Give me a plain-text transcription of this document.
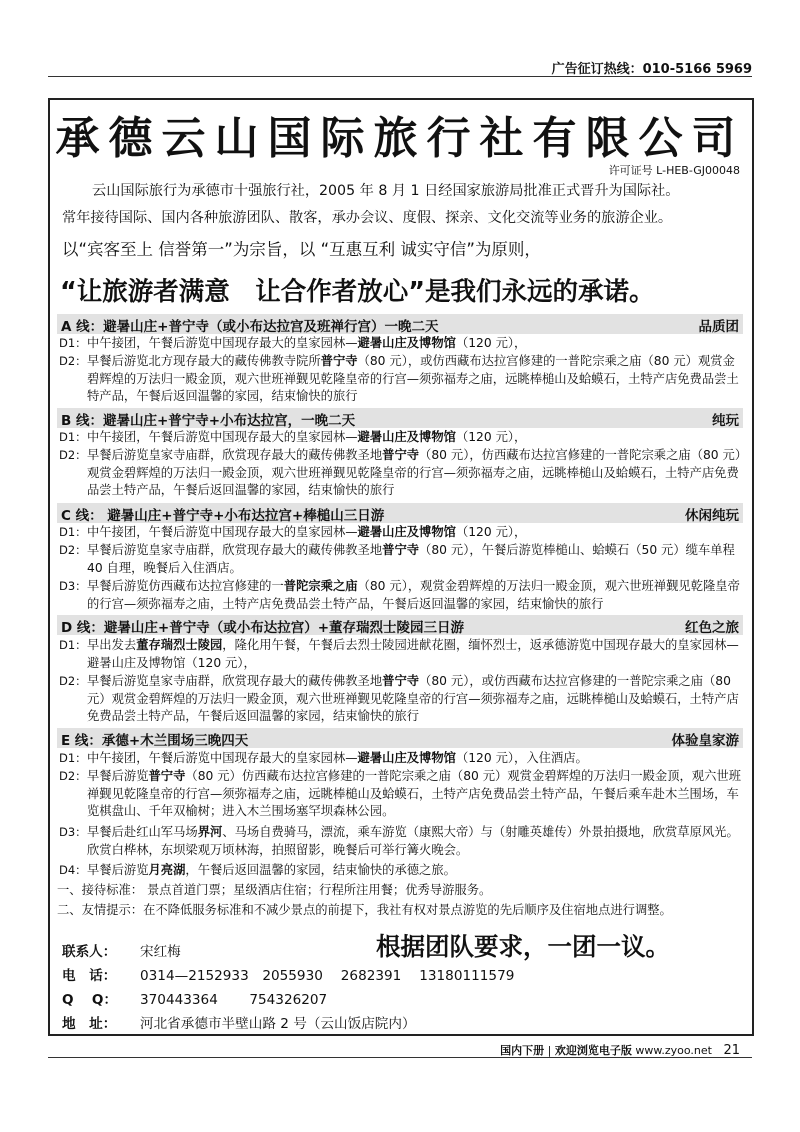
广告征订热线：010-5166 5969
承德云山国际旅行社有限公司
许可证号 L-HEB-GJ00048
云山国际旅行为承德市十强旅行社，2005 年 8 月 1 日经国家旅游局批准正式晋升为国际社。
常年接待国际、国内各种旅游团队、散客，承办会议、度假、探亲、文化交流等业务的旅游企业。
以“宾客至上 信誉第一”为宗旨，以 “互惠互利 诚实守信”为原则，
“让旅游者满意　让合作者放心”是我们永远的承诺。
A 线：避暑山庄+普宁寺（或小布达拉宫及班禅行宫）一晚二天	品质团
D1： 中午接团，午餐后游览中国现存最大的皇家园林—避暑山庄及博物馆（120 元），
D2： 早餐后游览北方现存最大的藏传佛教寺院所普宁寺（80 元），或仿西藏布达拉宫修建的一普陀宗乘之庙（80 元）观赏金碧辉煌的万法归一殿金顶，观六世班禅觐见乾隆皇帝的行宫—须弥福寿之庙，远眺棒槌山及蛤蟆石，土特产店免费品尝土特产品，午餐后返回温馨的家园，结束愉快的旅行
B 线：避暑山庄+普宁寺+小布达拉宫，一晚二天	纯玩
D1： 中午接团，午餐后游览中国现存最大的皇家园林—避暑山庄及博物馆（120 元），
D2： 早餐后游览皇家寺庙群，欣赏现存最大的藏传佛教圣地普宁寺（80 元），仿西藏布达拉宫修建的一普陀宗乘之庙（80 元）观赏金碧辉煌的万法归一殿金顶，观六世班禅觐见乾隆皇帝的行宫—须弥福寿之庙，远眺棒槌山及蛤蟆石，土特产店免费品尝土特产品，午餐后返回温馨的家园，结束愉快的旅行
C 线： 避暑山庄+普宁寺+小布达拉宫+棒槌山三日游	休闲纯玩
D1： 中午接团，午餐后游览中国现存最大的皇家园林—避暑山庄及博物馆（120 元），
D2： 早餐后游览皇家寺庙群，欣赏现存最大的藏传佛教圣地普宁寺（80 元），午餐后游览棒槌山、蛤蟆石（50 元）缆车单程 40 自理，晚餐后入住酒店。
D3： 早餐后游览仿西藏布达拉宫修建的一普陀宗乘之庙（80 元），观赏金碧辉煌的万法归一殿金顶，观六世班禅觐见乾隆皇帝的行宫—须弥福寿之庙，土特产店免费品尝土特产品，午餐后返回温馨的家园，结束愉快的旅行
D 线：避暑山庄+普宁寺（或小布达拉宫）+董存瑞烈士陵园三日游	红色之旅
D1： 早出发去董存瑞烈士陵园，隆化用午餐，午餐后去烈士陵园进献花圈，缅怀烈士，返承德游览中国现存最大的皇家园林—避暑山庄及博物馆（120 元），
D2： 早餐后游览皇家寺庙群，欣赏现存最大的藏传佛教圣地普宁寺（80 元），或仿西藏布达拉宫修建的一普陀宗乘之庙（80 元）观赏金碧辉煌的万法归一殿金顶，观六世班禅觐见乾隆皇帝的行宫—须弥福寿之庙，远眺棒槌山及蛤蟆石，土特产店免费品尝土特产品，午餐后返回温馨的家园，结束愉快的旅行
E 线：承德+木兰围场三晚四天	体验皇家游
D1： 中午接团，午餐后游览中国现存最大的皇家园林—避暑山庄及博物馆（120 元），入住酒店。
D2： 早餐后游览普宁寺（80 元）仿西藏布达拉宫修建的一普陀宗乘之庙（80 元）观赏金碧辉煌的万法归一殿金顶，观六世班禅觐见乾隆皇帝的行宫—须弥福寿之庙，远眺棒槌山及蛤蟆石，土特产店免费品尝土特产品，午餐后乘车赴木兰围场，车览棋盘山、千年双榆树；进入木兰围场塞罕坝森林公园。
D3： 早餐后赴红山军马场界河、马场自费骑马，漂流，乘车游览（康熙大帝）与（射雕英雄传）外景拍摄地，欣赏草原风光。欣赏白桦林，东坝梁观万顷林海，拍照留影，晚餐后可举行篝火晚会。
D4： 早餐后游览月亮湖，午餐后返回温馨的家园，结束愉快的承德之旅。
一、接待标准： 景点首道门票；星级酒店住宿；行程所注用餐；优秀导游服务。
二、友情提示：在不降低服务标准和不减少景点的前提下，我社有权对景点游览的先后顺序及住宿地点进行调整。
联系人： 宋红梅
电　话： 0314—2152933　2055930　 2682391　 13180111579
Q　 Q： 370443364　　 754326207
地　址： 河北省承德市半壁山路 2 号（云山饭店院内）
根据团队要求，一团一议。
国内下册 | 欢迎浏览电子版 www.zyoo.net 21
